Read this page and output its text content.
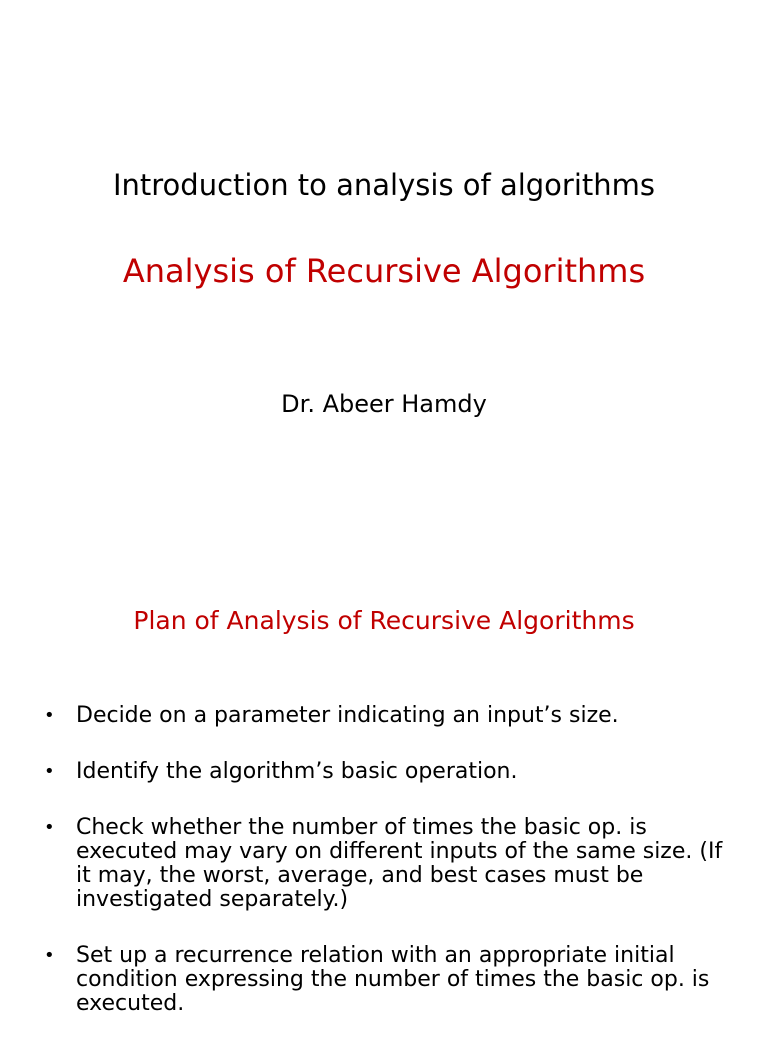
Introduction to analysis of algorithms
Analysis of Recursive Algorithms
Dr. Abeer Hamdy
Plan of Analysis of Recursive Algorithms
• Decide on a parameter indicating an input’s size.
• Identify the algorithm’s basic operation.
• Check whether the number of times the basic op. is executed may vary on different inputs of the same size. (If it may, the worst, average, and best cases must be investigated separately.)
• Set up a recurrence relation with an appropriate initial condition expressing the number of times the basic op. is executed.
